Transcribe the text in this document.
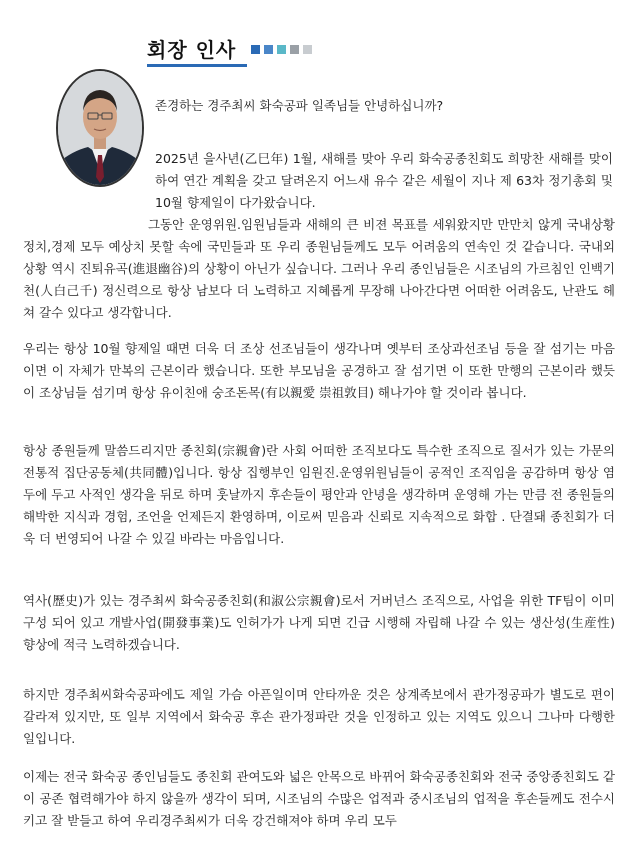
회장 인사

존경하는 경주최씨 화숙공파 일족님들 안녕하십니까?

2025년 을사년(乙巳年) 1월, 새해를 맞아 우리 화숙공종친회도 희망찬 새해를 맞이하여 연간 계획을 갖고 달려온지 어느새 유수 같은 세월이 지나 제 63차 정기총회 및 10월 향제일이 다가왔습니다.

그동안 운영위원.임원님들과 새해의 큰 비젼 목표를 세워왔지만 만만치 않게 국내상황 정치,경제 모두 예상치 못할 속에 국민들과 또 우리 종원님들께도 모두 어려움의 연속인 것 같습니다. 국내외 상황 역시 진퇴유곡(進退幽谷)의 상황이 아닌가 싶습니다. 그러나 우리 종인님들은 시조님의 가르침인 인백기천(人白己千) 정신력으로 항상 남보다 더 노력하고 지혜롭게 무장해 나아간다면 어떠한 어려움도, 난관도 헤쳐 갈수 있다고 생각합니다.

우리는 항상 10월 향제일 때면 더욱 더 조상 선조님들이 생각나며 옛부터 조상과선조님 등을 잘 섬기는 마음이면 이 자체가 만복의 근본이라 했습니다. 또한 부모님을 공경하고 잘 섬기면 이 또한 만행의 근본이라 했듯이 조상님들 섬기며 항상 유이친애 숭조돈목(有以親愛 崇祖敦目) 해나가야 할 것이라 봅니다.

항상 종원들께 말씀드리지만 종친회(宗親會)란 사회 어떠한 조직보다도 특수한 조직으로 질서가 있는 가문의 전통적 집단공동체(共同體)입니다. 항상 집행부인 임원진.운영위원님들이 공적인 조직임을 공감하며 항상 염두에 두고 사적인 생각을 뒤로 하며 훗날까지 후손들이 평안과 안녕을 생각하며 운영해 가는 만큼 전 종원들의 해박한 지식과 경험, 조언을 언제든지 환영하며, 이로써 믿음과 신뢰로 지속적으로 화합 . 단결돼 종친회가 더욱 더 번영되어 나갈 수 있길 바라는 마음입니다.

역사(歷史)가 있는 경주최씨 화숙공종친회(和淑公宗親會)로서 거버넌스 조직으로, 사업을 위한 TF팀이 이미 구성 되어 있고 개발사업(開發事業)도 인허가가 나게 되면 긴급 시행해 자립해 나갈 수 있는 생산성(生産性) 향상에 적극 노력하겠습니다.

하지만 경주최씨화숙공파에도 제일 가슴 아픈일이며 안타까운 것은 상계족보에서 관가정공파가 별도로 편이 갈라져 있지만, 또 일부 지역에서 화숙공 후손 관가정파란 것을 인정하고 있는 지역도 있으니 그나마 다행한 일입니다.

이제는 전국 화숙공 종인님들도 종친회 관여도와 넓은 안목으로 바뀌어 화숙공종친회와 전국 중앙종친회도 같이 공존 협력해가야 하지 않을까 생각이 되며, 시조님의 수많은 업적과 중시조님의 업적을 후손들께도 전수시키고 잘 받들고 하여 우리경주최씨가 더욱 강건해져야 하며 우리 모두
